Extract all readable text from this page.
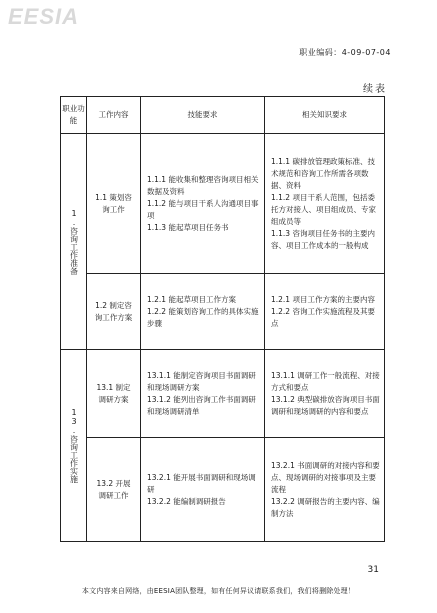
EESIA
职业编码：4-09-07-04
续表
职业功能	工作内容	技能要求	相关知识要求

1.咨询工作准备	1.1 策划咨询工作	1.1.1 能收集和整理咨询项目相关数据及资料
1.1.2 能与项目干系人沟通项目事项
1.1.3 能起草项目任务书	1.1.1 碳排放管理政策标准、技术规范和咨询工作所需各项数据、资料
1.1.2 项目干系人范围，包括委托方对接人、项目组成员、专家组成员等
1.1.3 咨询项目任务书的主要内容、项目工作成本的一般构成

	1.2 制定咨询工作方案	1.2.1 能起草项目工作方案
1.2.2 能策划咨询工作的具体实施步骤	1.2.1 项目工作方案的主要内容
1.2.2 咨询工作实施流程及其要点

13.咨询工作实施	13.1 制定调研方案	13.1.1 能制定咨询项目书面调研和现场调研方案
13.1.2 能列出咨询工作书面调研和现场调研清单	13.1.1 调研工作一般流程、对接方式和要点
13.1.2 典型碳排放咨询项目书面调研和现场调研的内容和要点

	13.2 开展调研工作	13.2.1 能开展书面调研和现场调研
13.2.2 能编制调研报告	13.2.1 书面调研的对接内容和要点、现场调研的对接事项及主要流程
13.2.2 调研报告的主要内容、编制方法
31
本文内容来自网络，由EESIA团队整理，如有任何异议请联系我们，我们将删除处理！
